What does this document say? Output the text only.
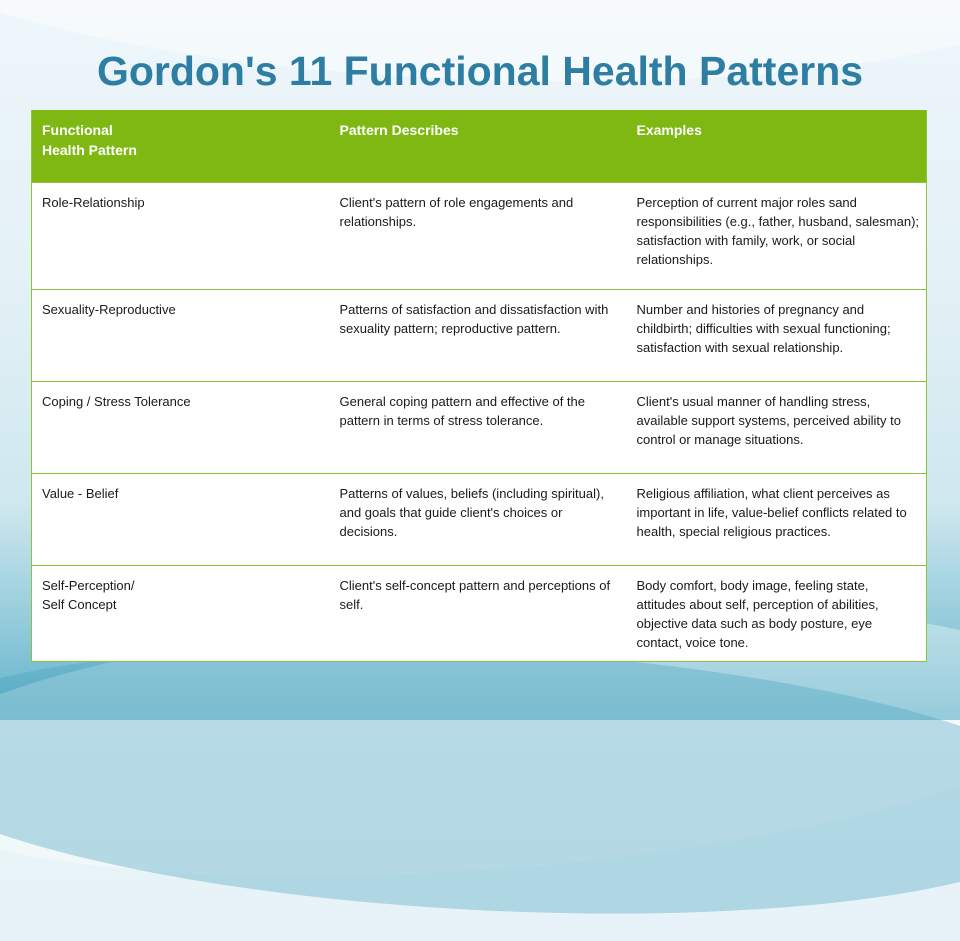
Gordon's 11 Functional Health Patterns
Functional
Health Pattern	Pattern Describes	Examples
Role-Relationship	Client's pattern of role engagements and relationships.	Perception of current major roles sand responsibilities (e.g., father, husband, salesman); satisfaction with family, work, or social relationships.
Sexuality-Reproductive	Patterns of satisfaction and dissatisfaction with sexuality pattern; reproductive pattern.	Number and histories of pregnancy and childbirth; difficulties with sexual functioning; satisfaction with sexual relationship.
Coping / Stress Tolerance	General coping pattern and effective of the pattern in terms of stress tolerance.	Client's usual manner of handling stress, available support systems, perceived ability to control or manage situations.
Value - Belief	Patterns of values, beliefs (including spiritual), and goals that guide client's choices or decisions.	Religious affiliation, what client perceives as important in life, value-belief conflicts related to health, special religious practices.
Self-Perception/
Self Concept	Client's self-concept pattern and perceptions of self.	Body comfort, body image, feeling state, attitudes about self, perception of abilities, objective data such as body posture, eye contact, voice tone.
